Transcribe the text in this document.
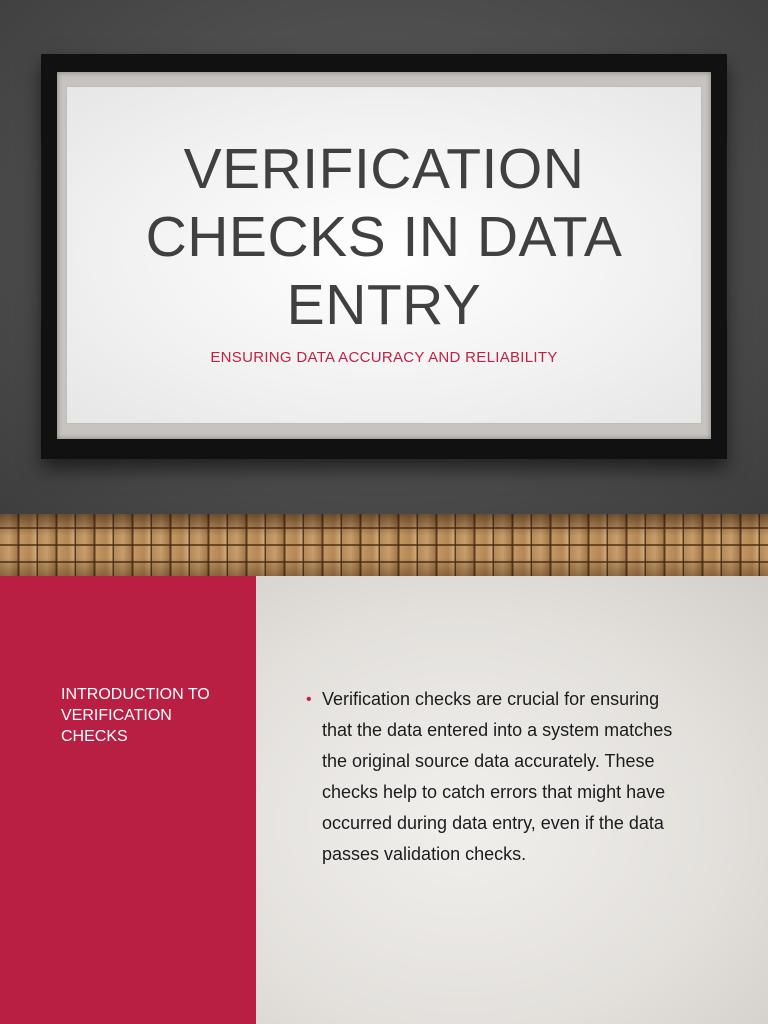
VERIFICATION CHECKS IN DATA ENTRY
ENSURING DATA ACCURACY AND RELIABILITY
INTRODUCTION TO VERIFICATION CHECKS
• Verification checks are crucial for ensuring that the data entered into a system matches the original source data accurately. These checks help to catch errors that might have occurred during data entry, even if the data passes validation checks.
